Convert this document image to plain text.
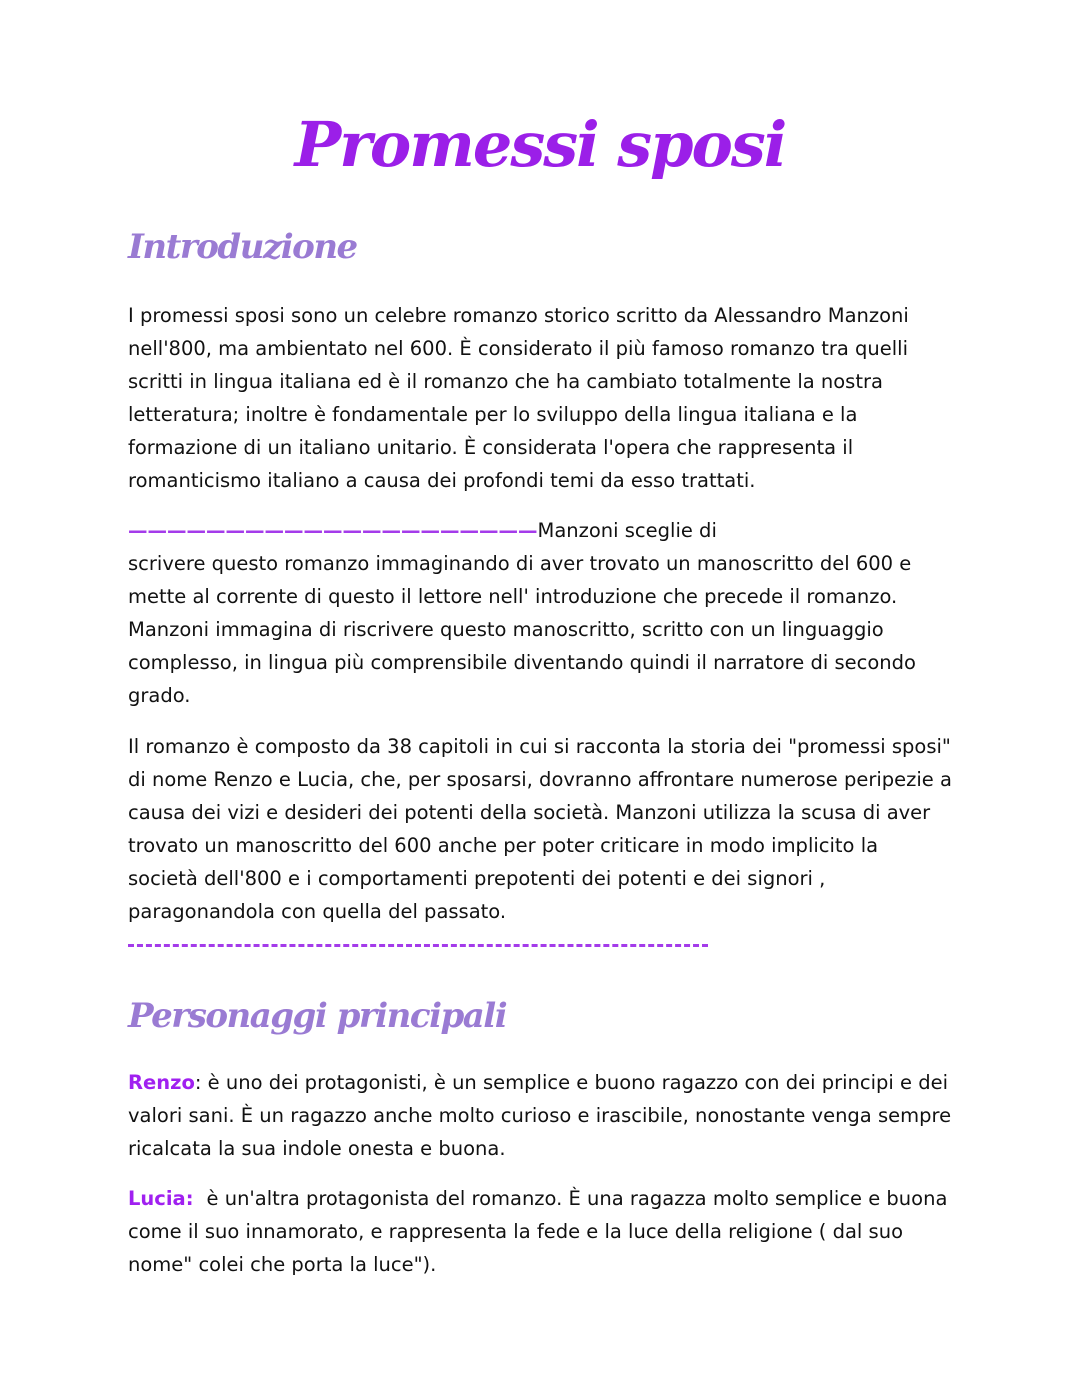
Promessi sposi
Introduzione

I promessi sposi sono un celebre romanzo storico scritto da Alessandro Manzoni
nell'800, ma ambientato nel 600. È considerato il più famoso romanzo tra quelli
scritti in lingua italiana ed è il romanzo che ha cambiato totalmente la nostra
letteratura; inoltre è fondamentale per lo sviluppo della lingua italiana e la
formazione di un italiano unitario. È considerata l'opera che rappresenta il
romanticismo italiano a causa dei profondi temi da esso trattati.

—————————————————————Manzoni sceglie di
scrivere questo romanzo immaginando di aver trovato un manoscritto del 600 e
mette al corrente di questo il lettore nell' introduzione che precede il romanzo.
Manzoni immagina di riscrivere questo manoscritto, scritto con un linguaggio
complesso, in lingua più comprensibile diventando quindi il narratore di secondo
grado.

Il romanzo è composto da 38 capitoli in cui si racconta la storia dei "promessi sposi"
di nome Renzo e Lucia, che, per sposarsi, dovranno affrontare numerose peripezie a
causa dei vizi e desideri dei potenti della società. Manzoni utilizza la scusa di aver
trovato un manoscritto del 600 anche per poter criticare in modo implicito la
società dell'800 e i comportamenti prepotenti dei potenti e dei signori ,
paragonandola con quella del passato.

Personaggi principali

Renzo: è uno dei protagonisti, è un semplice e buono ragazzo con dei principi e dei
valori sani. È un ragazzo anche molto curioso e irascibile, nonostante venga sempre
ricalcata la sua indole onesta e buona.

Lucia:  è un'altra protagonista del romanzo. È una ragazza molto semplice e buona
come il suo innamorato, e rappresenta la fede e la luce della religione ( dal suo
nome" colei che porta la luce").
